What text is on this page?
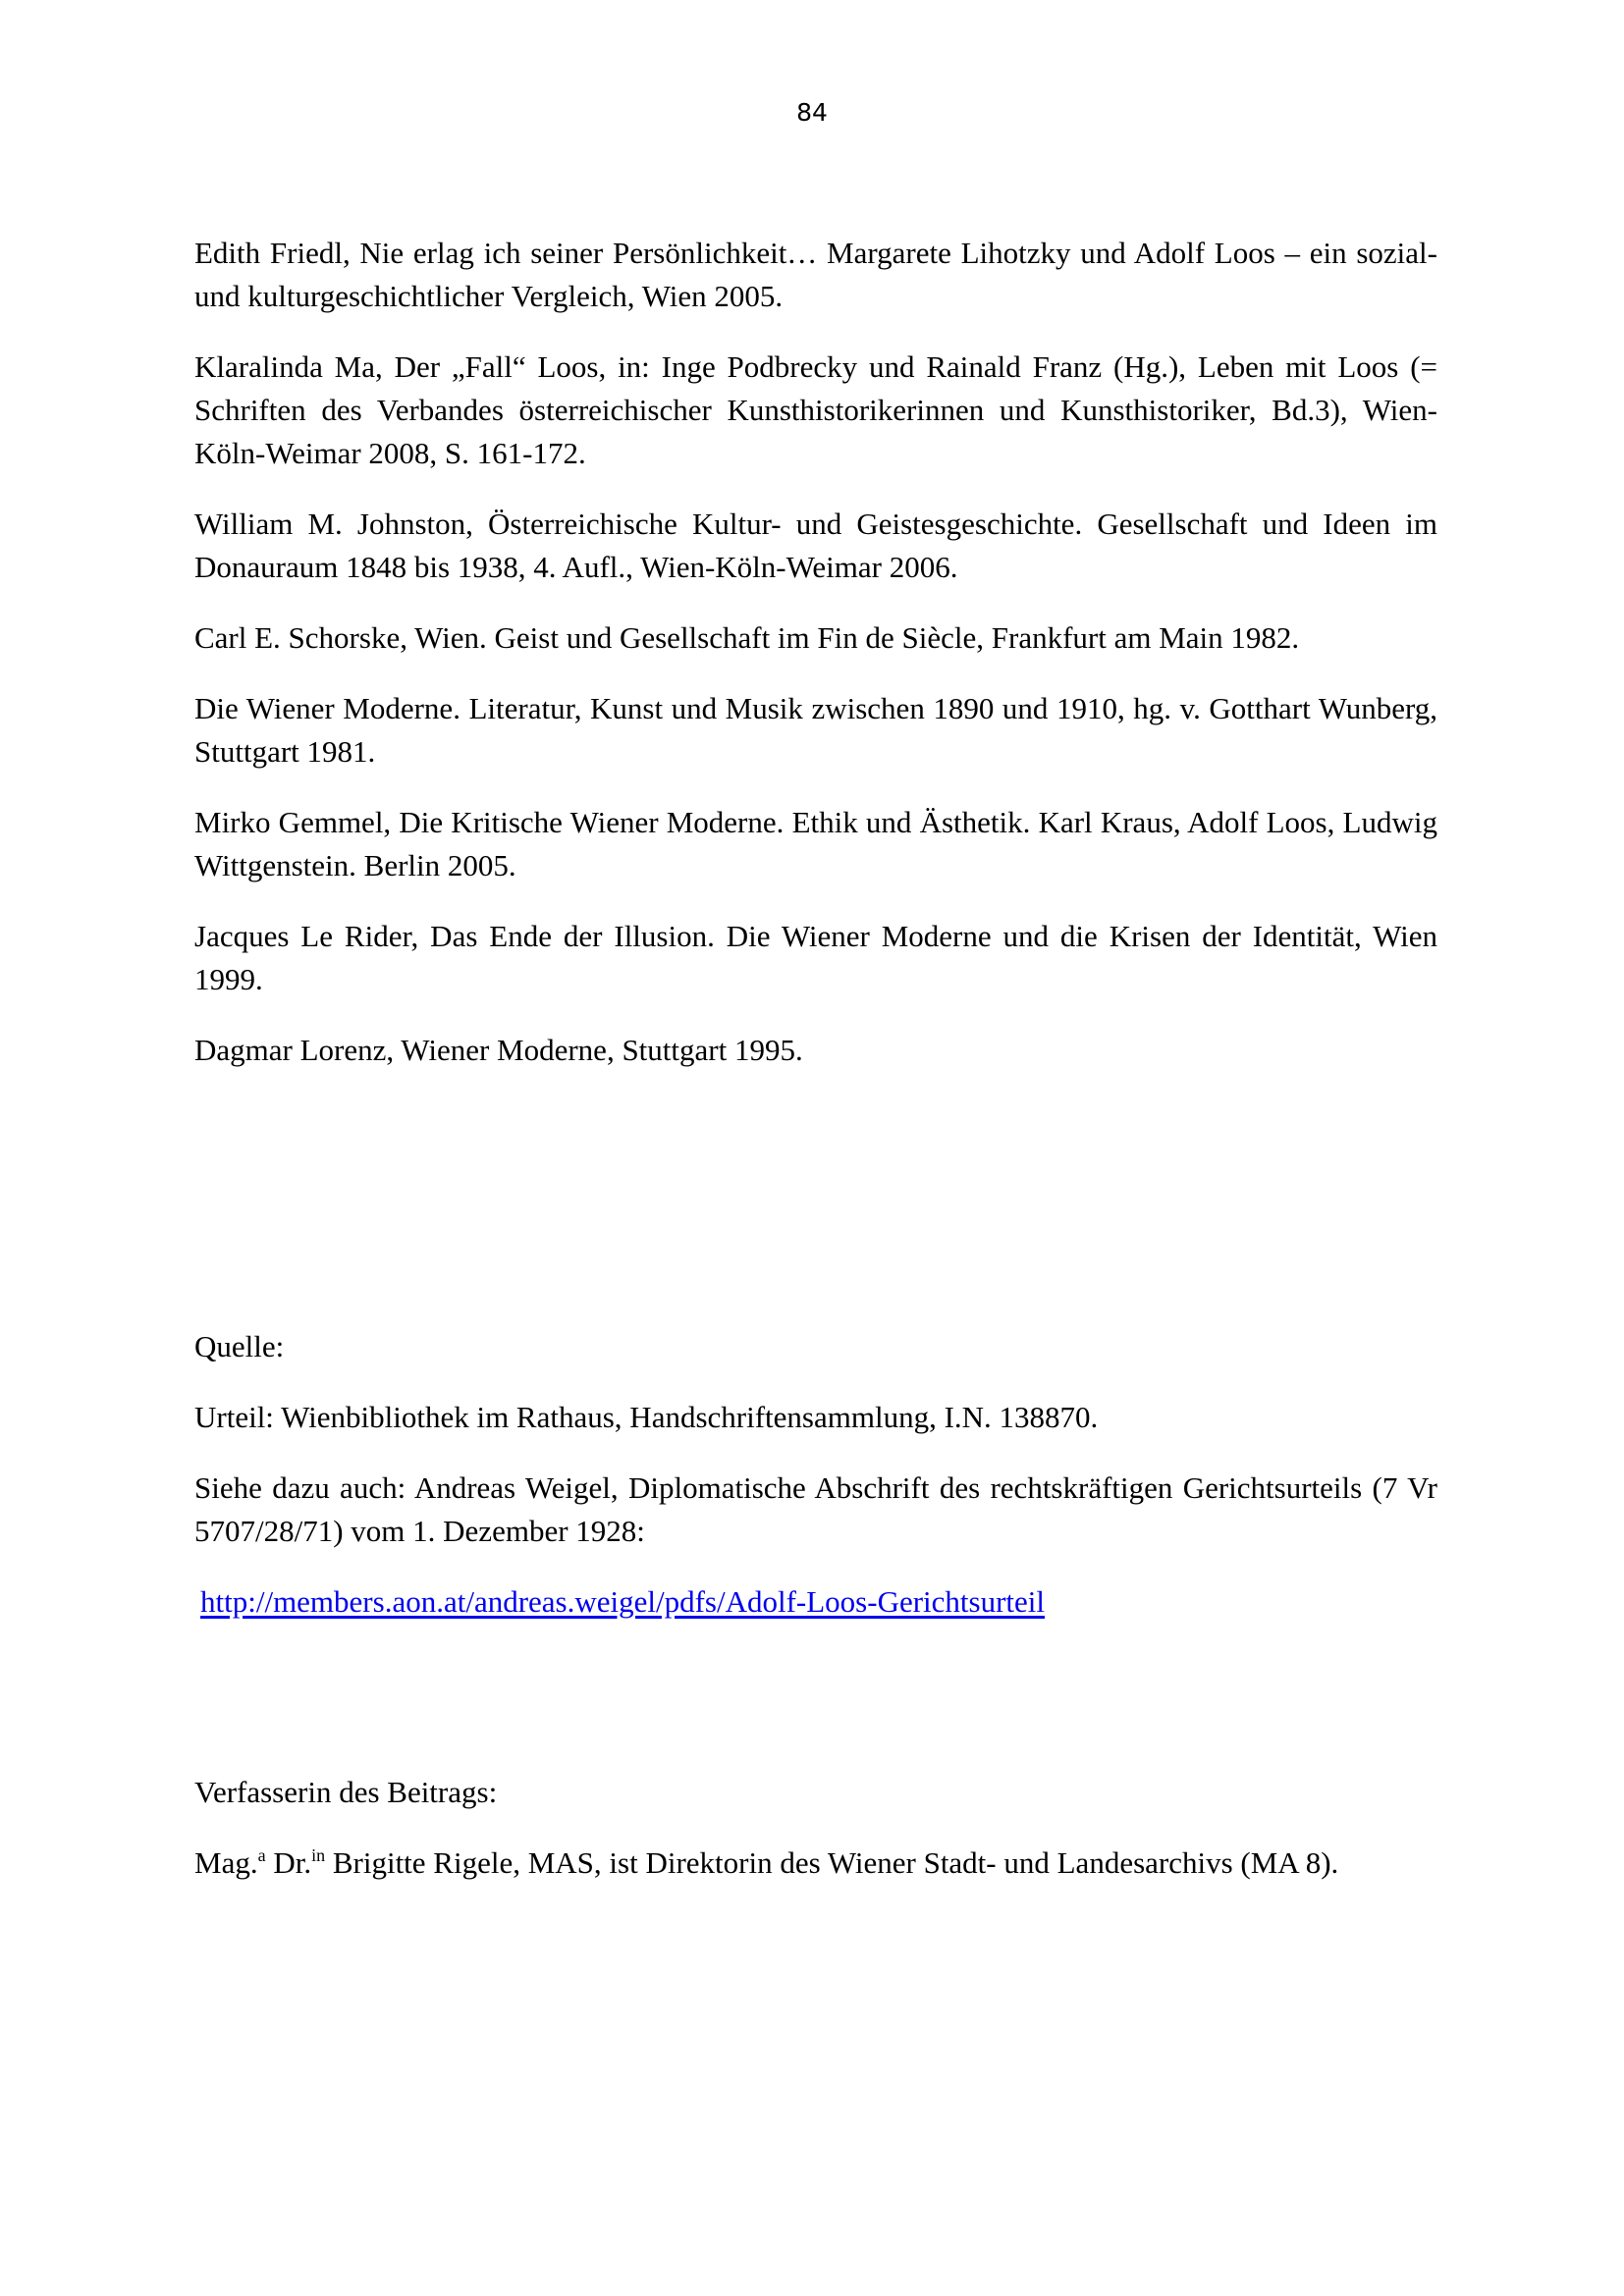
84

Edith Friedl, Nie erlag ich seiner Persönlichkeit… Margarete Lihotzky und Adolf Loos – ein sozial- und kulturgeschichtlicher Vergleich, Wien 2005.

Klaralinda Ma, Der „Fall“ Loos, in: Inge Podbrecky und Rainald Franz (Hg.), Leben mit Loos (= Schriften des Verbandes österreichischer Kunsthistorikerinnen und Kunsthistoriker, Bd.3), Wien-Köln-Weimar 2008, S. 161-172.

William M. Johnston, Österreichische Kultur- und Geistesgeschichte. Gesellschaft und Ideen im Donauraum 1848 bis 1938, 4. Aufl., Wien-Köln-Weimar 2006.

Carl E. Schorske, Wien. Geist und Gesellschaft im Fin de Siècle, Frankfurt am Main 1982.

Die Wiener Moderne. Literatur, Kunst und Musik zwischen 1890 und 1910, hg. v. Gotthart Wunberg, Stuttgart 1981.

Mirko Gemmel, Die Kritische Wiener Moderne. Ethik und Ästhetik. Karl Kraus, Adolf Loos, Ludwig Wittgenstein. Berlin 2005.

Jacques Le Rider, Das Ende der Illusion. Die Wiener Moderne und die Krisen der Identität, Wien 1999.

Dagmar Lorenz, Wiener Moderne, Stuttgart 1995.

Quelle:

Urteil: Wienbibliothek im Rathaus, Handschriftensammlung, I.N. 138870.

Siehe dazu auch: Andreas Weigel, Diplomatische Abschrift des rechtskräftigen Gerichtsurteils (7 Vr 5707/28/71) vom 1. Dezember 1928:

http://members.aon.at/andreas.weigel/pdfs/Adolf-Loos-Gerichtsurteil

Verfasserin des Beitrags:

Mag.$^a$ Dr.$^{in}$ Brigitte Rigele, MAS, ist Direktorin des Wiener Stadt- und Landesarchivs (MA 8).
